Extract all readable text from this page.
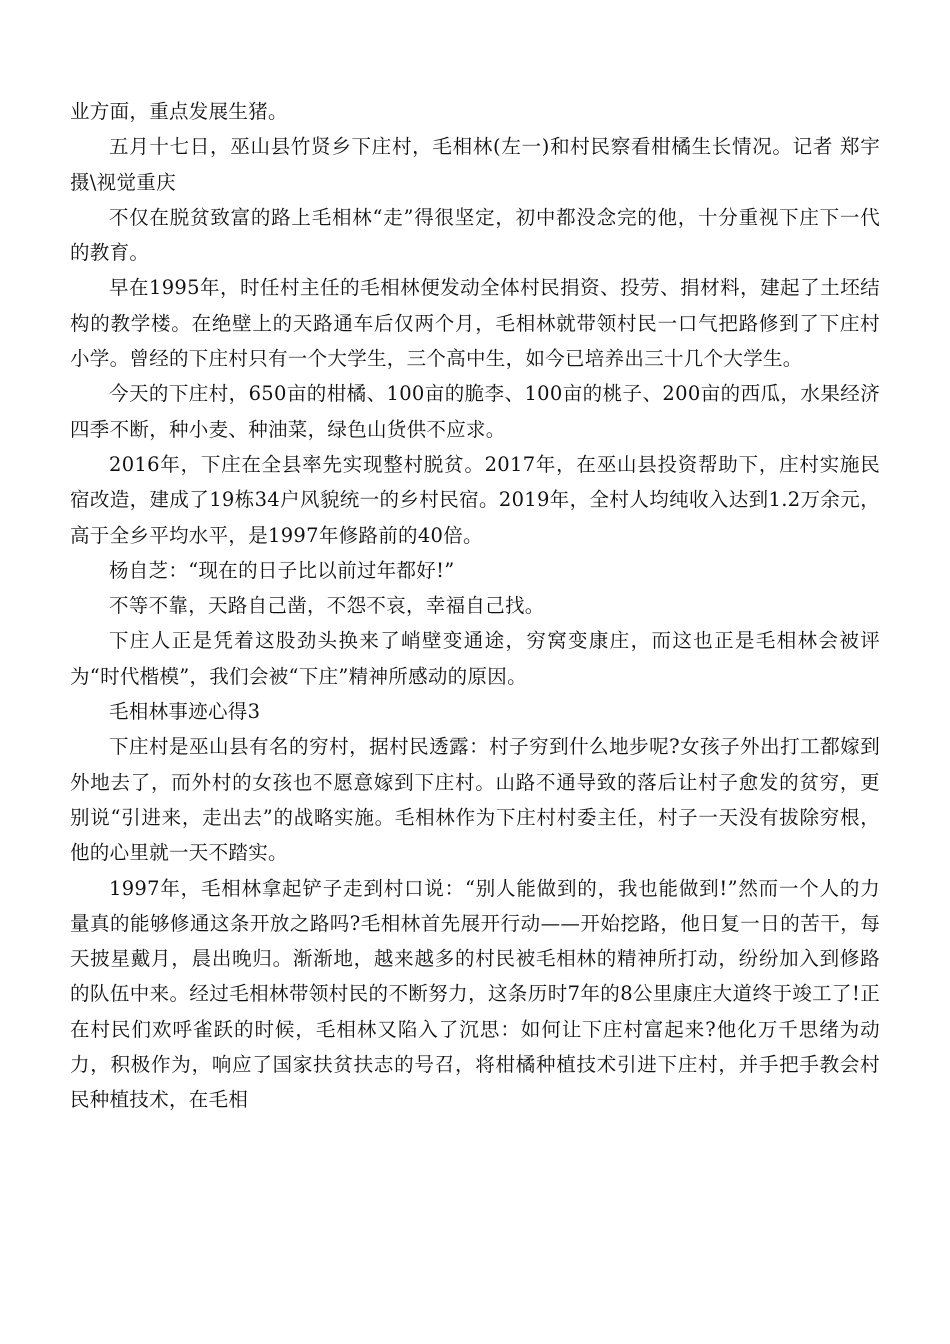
业方面，重点发展生猪。

五月十七日，巫山县竹贤乡下庄村，毛相林(左一)和村民察看柑橘生长情况。记者 郑宇 摄\视觉重庆

不仅在脱贫致富的路上毛相林“走”得很坚定，初中都没念完的他，十分重视下庄下一代的教育。

早在1995年，时任村主任的毛相林便发动全体村民捐资、投劳、捐材料，建起了土坯结构的教学楼。在绝壁上的天路通车后仅两个月，毛相林就带领村民一口气把路修到了下庄村小学。曾经的下庄村只有一个大学生，三个高中生，如今已培养出三十几个大学生。

今天的下庄村，650亩的柑橘、100亩的脆李、100亩的桃子、200亩的西瓜，水果经济四季不断，种小麦、种油菜，绿色山货供不应求。

2016年，下庄在全县率先实现整村脱贫。2017年，在巫山县投资帮助下，庄村实施民宿改造，建成了19栋34户风貌统一的乡村民宿。2019年，全村人均纯收入达到1.2万余元，高于全乡平均水平，是1997年修路前的40倍。

杨自芝：“现在的日子比以前过年都好!”

不等不靠，天路自己凿，不怨不哀，幸福自己找。

下庄人正是凭着这股劲头换来了峭壁变通途，穷窝变康庄，而这也正是毛相林会被评为“时代楷模”，我们会被“下庄”精神所感动的原因。

毛相林事迹心得3

下庄村是巫山县有名的穷村，据村民透露：村子穷到什么地步呢?女孩子外出打工都嫁到外地去了，而外村的女孩也不愿意嫁到下庄村。山路不通导致的落后让村子愈发的贫穷，更别说“引进来，走出去”的战略实施。毛相林作为下庄村村委主任，村子一天没有拔除穷根，他的心里就一天不踏实。

1997年，毛相林拿起铲子走到村口说：“别人能做到的，我也能做到!”然而一个人的力量真的能够修通这条开放之路吗?毛相林首先展开行动——开始挖路，他日复一日的苦干，每天披星戴月，晨出晚归。渐渐地，越来越多的村民被毛相林的精神所打动，纷纷加入到修路的队伍中来。经过毛相林带领村民的不断努力，这条历时7年的8公里康庄大道终于竣工了!正在村民们欢呼雀跃的时候，毛相林又陷入了沉思：如何让下庄村富起来?他化万千思绪为动力，积极作为，响应了国家扶贫扶志的号召，将柑橘种植技术引进下庄村，并手把手教会村民种植技术，在毛相
